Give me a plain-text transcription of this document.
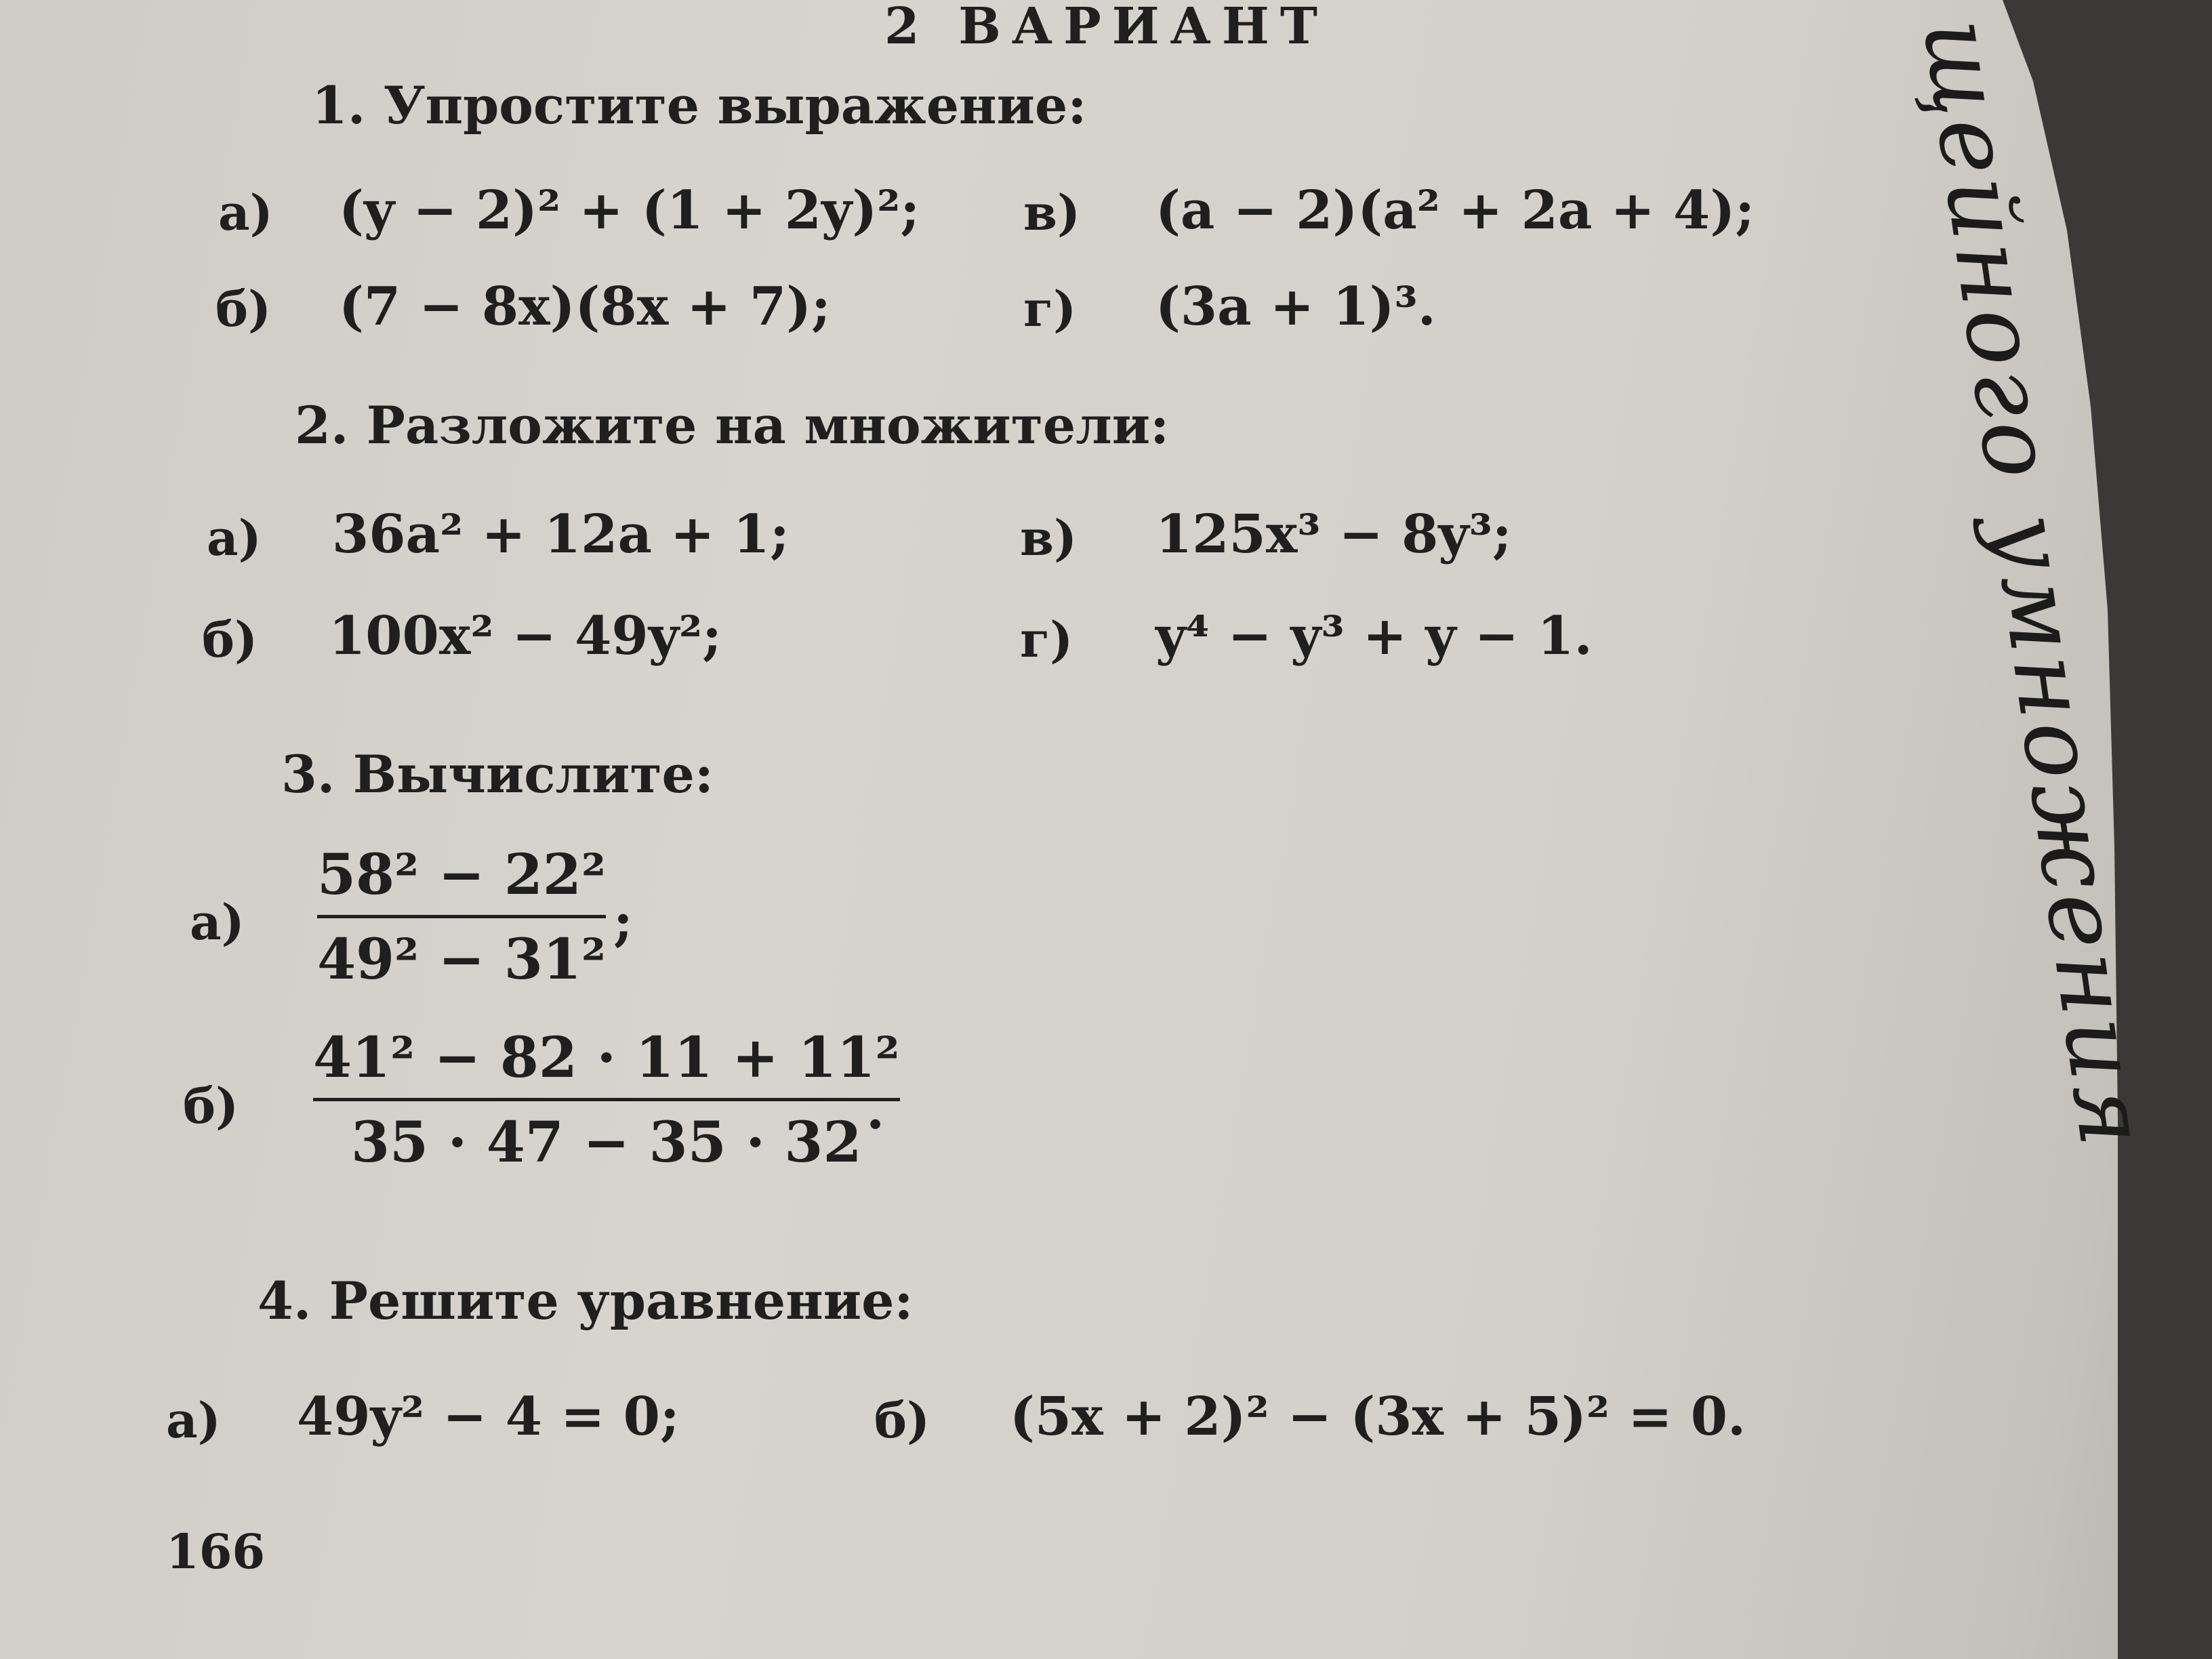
2 ВАРИАНТ
1. Упростите выражение:
а) (y − 2)² + (1 + 2y)²; в) (a − 2)(a² + 2a + 4);
б) (7 − 8x)(8x + 7);	г) (3a + 1)³.
2. Разложите на множители:
а) 36a² + 12a + 1;	в) 125x³ − 8y³;
б) 100x² − 49y²;	г) y⁴ − y³ + y − 1.
3. Вычислите:
а)
58² − 22²
49² − 31²
;
б)
41² − 82 · 11 + 11²
35 · 47 − 35 · 32 .
4. Решите уравнение:
а) 49y² − 4 = 0;	б) (5x + 2)² − (3x + 5)² = 0.
166
щейного умножения
